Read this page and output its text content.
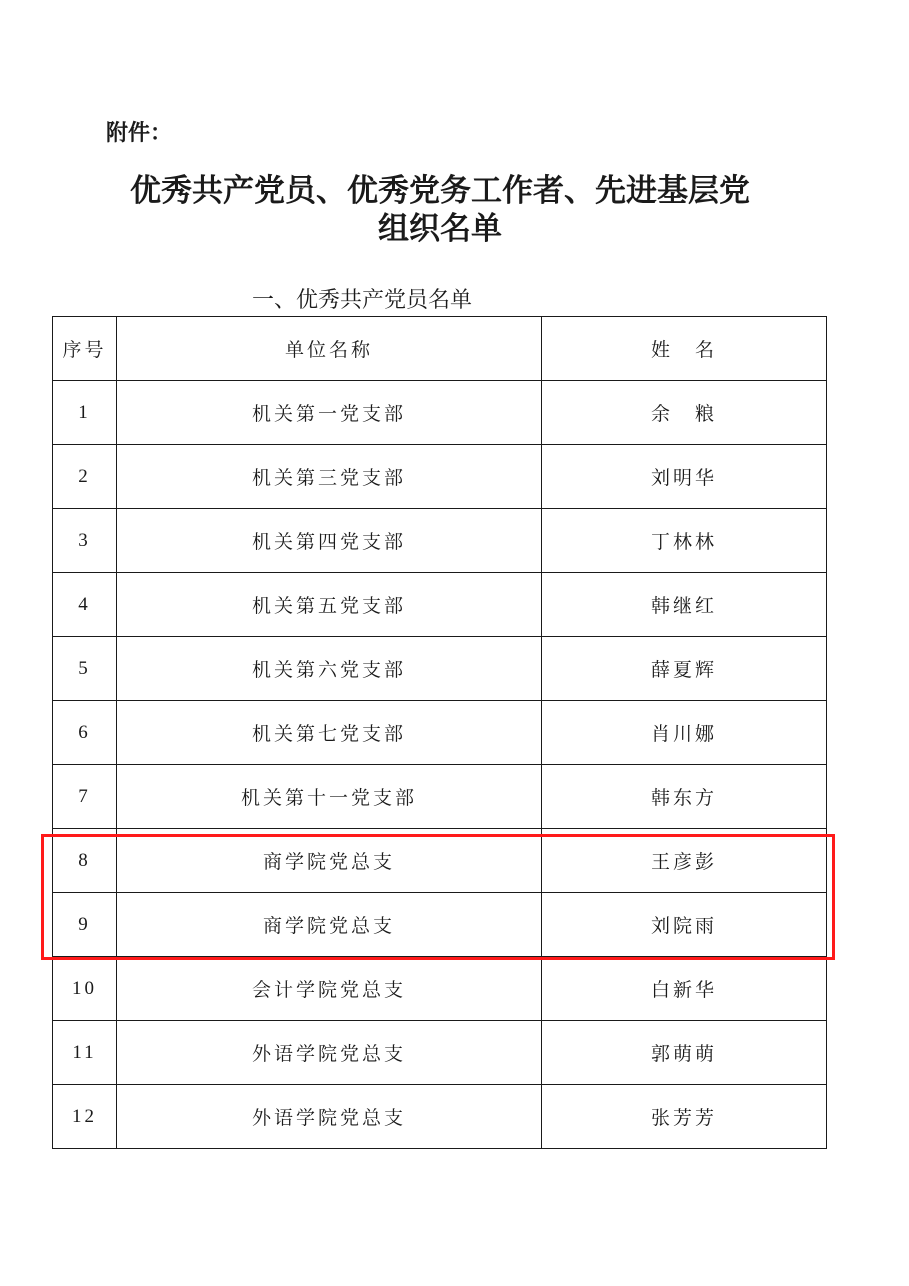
附件：
优秀共产党员、优秀党务工作者、先进基层党
组织名单
一、优秀共产党员名单
序号	单位名称	姓　名
1	机关第一党支部	余　粮
2	机关第三党支部	刘明华
3	机关第四党支部	丁林林
4	机关第五党支部	韩继红
5	机关第六党支部	薛夏辉
6	机关第七党支部	肖川娜
7	机关第十一党支部	韩东方
8	商学院党总支	王彦彭
9	商学院党总支	刘院雨
10	会计学院党总支	白新华
11	外语学院党总支	郭萌萌
12	外语学院党总支	张芳芳
